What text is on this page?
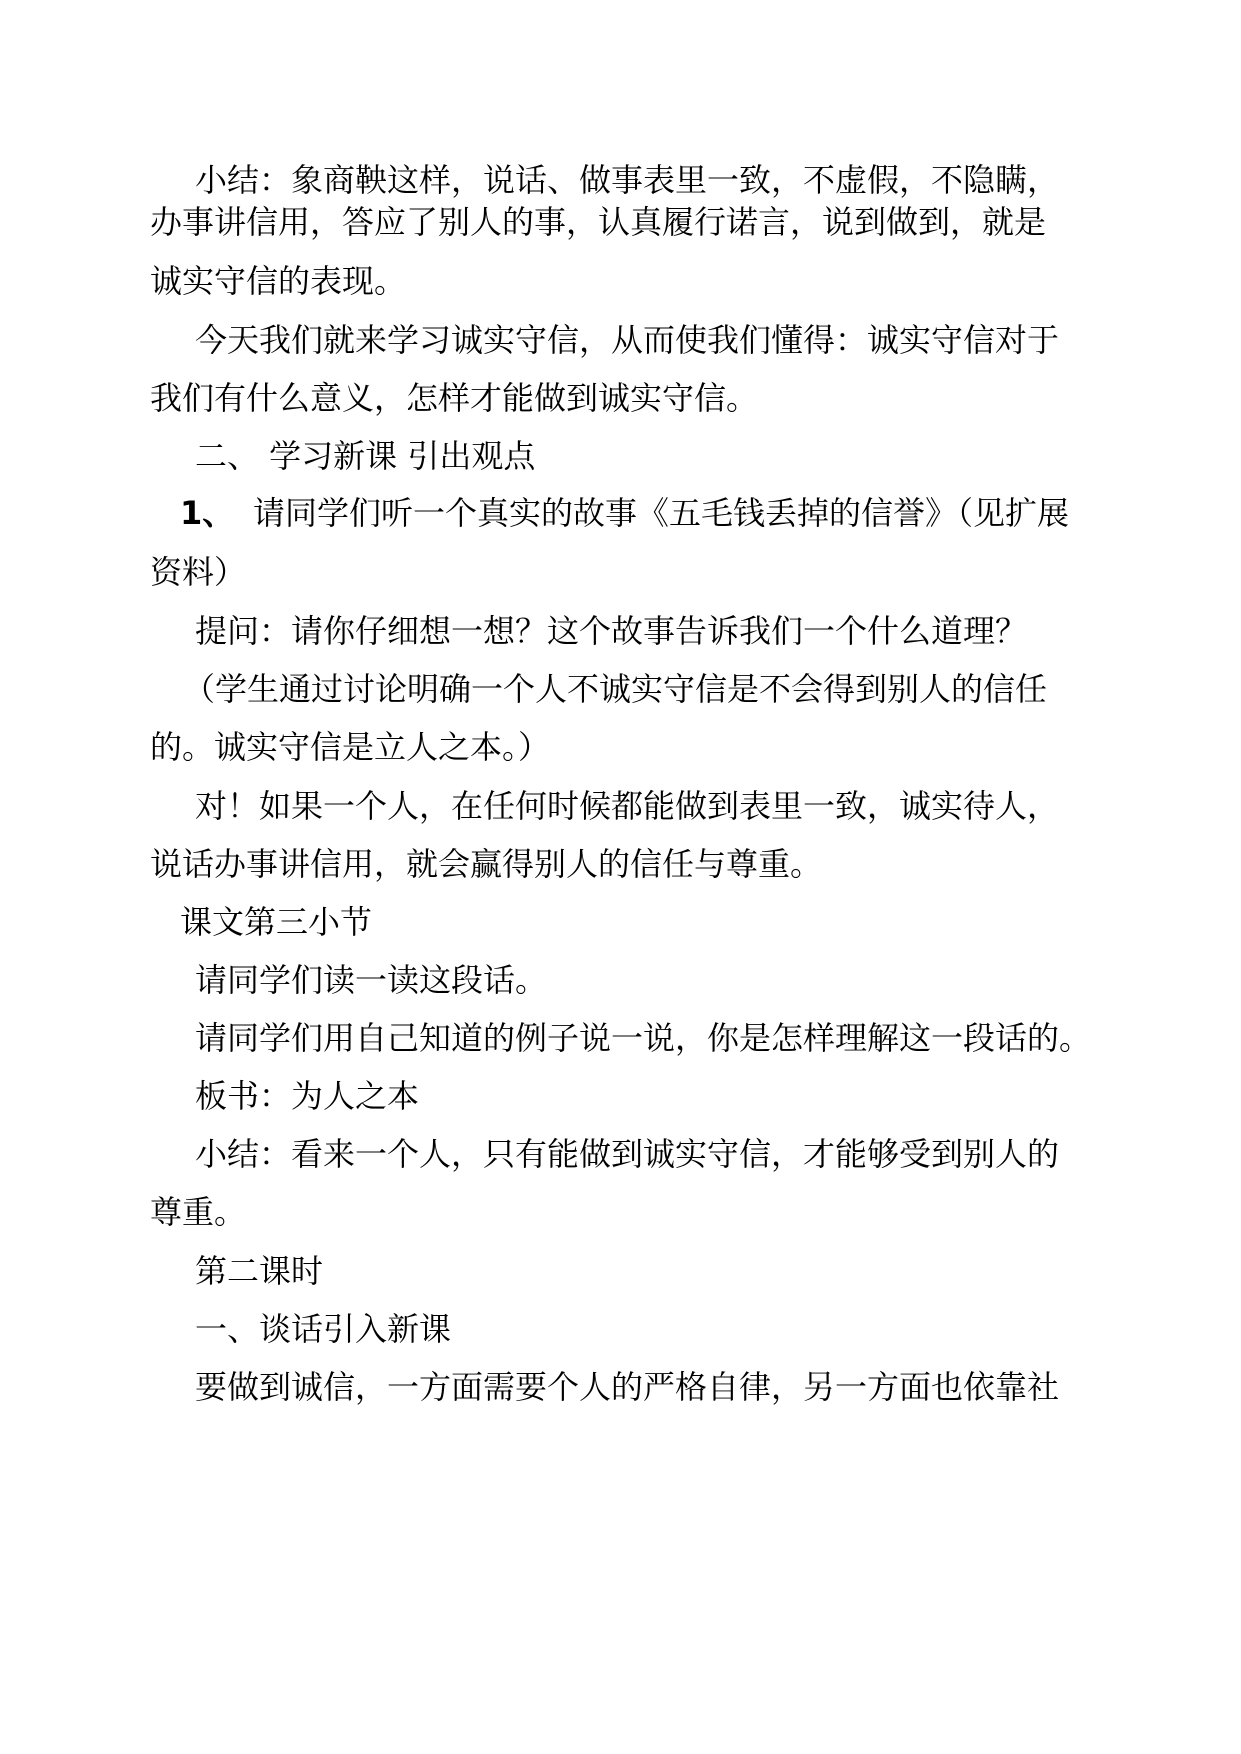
小结：象商鞅这样，说话、做事表里一致，不虚假，不隐瞒，
办事讲信用，答应了别人的事，认真履行诺言，说到做到，就是
诚实守信的表现。
今天我们就来学习诚实守信，从而使我们懂得：诚实守信对于
我们有什么意义，怎样才能做到诚实守信。
二、 学习新课 引出观点
1、 请同学们听一个真实的故事《五毛钱丢掉的信誉》（见扩展
资料）
提问：请你仔细想一想？这个故事告诉我们一个什么道理？
（学生通过讨论明确一个人不诚实守信是不会得到别人的信任
的。诚实守信是立人之本。）
对！如果一个人，在任何时候都能做到表里一致，诚实待人，
说话办事讲信用，就会赢得别人的信任与尊重。
课文第三小节
请同学们读一读这段话。
请同学们用自己知道的例子说一说，你是怎样理解这一段话的。
板书：为人之本
小结：看来一个人，只有能做到诚实守信，才能够受到别人的
尊重。
第二课时
一、谈话引入新课
要做到诚信，一方面需要个人的严格自律，另一方面也依靠社
